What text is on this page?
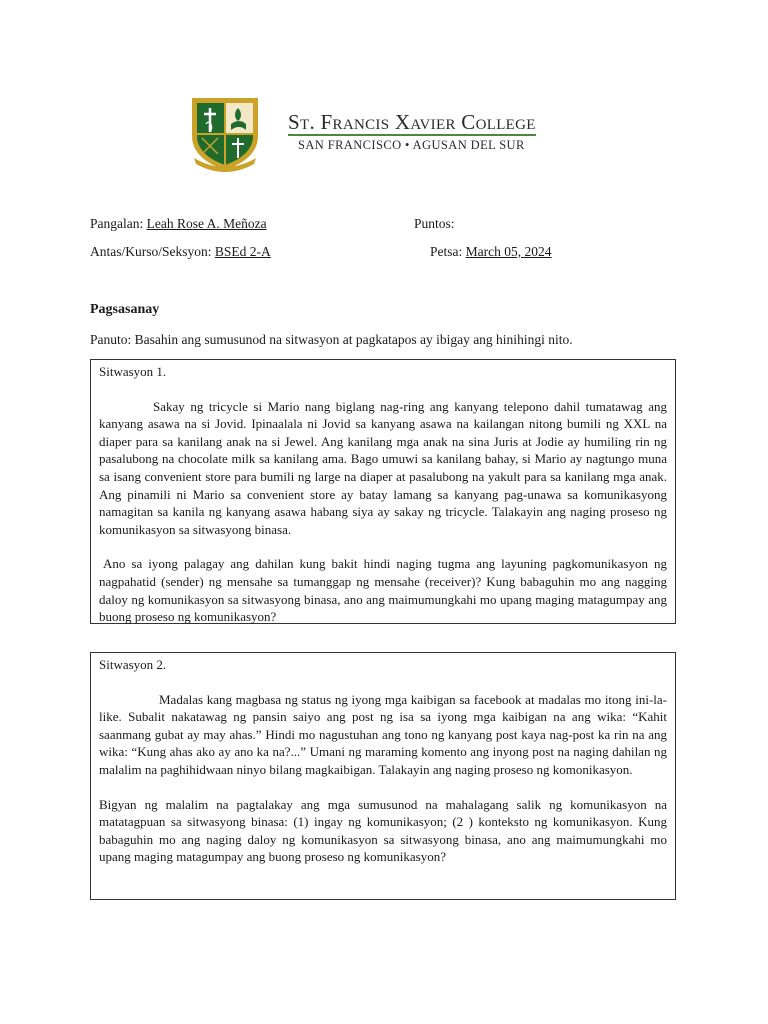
St. Francis Xavier College
SAN FRANCISCO • AGUSAN DEL SUR
Pangalan: Leah Rose A. Meñoza	Puntos:
Antas/Kurso/Seksyon: BSEd 2-A	Petsa: March 05, 2024
Pagsasanay
Panuto: Basahin ang sumusunod na sitwasyon at pagkatapos ay ibigay ang hinihingi nito.
Sitwasyon 1.

Sakay ng tricycle si Mario nang biglang nag-ring ang kanyang telepono dahil tumatawag ang kanyang asawa na si Jovid. Ipinaalala ni Jovid sa kanyang asawa na kailangan nitong bumili ng XXL na diaper para sa kanilang anak na si Jewel. Ang kanilang mga anak na sina Juris at Jodie ay humiling rin ng pasalubong na chocolate milk sa kanilang ama. Bago umuwi sa kanilang bahay, si Mario ay nagtungo muna sa isang convenient store para bumili ng large na diaper at pasalubong na yakult para sa kanilang mga anak. Ang pinamili ni Mario sa convenient store ay batay lamang sa kanyang pag-unawa sa komunikasyong namagitan sa kanila ng kanyang asawa habang siya ay sakay ng tricycle. Talakayin ang naging proseso ng komunikasyon sa sitwasyong binasa.

Ano sa iyong palagay ang dahilan kung bakit hindi naging tugma ang layuning pagkomunikasyon ng nagpahatid (sender) ng mensahe sa tumanggap ng mensahe (receiver)? Kung babaguhin mo ang nagging daloy ng komunikasyon sa sitwasyong binasa, ano ang maimumungkahi mo upang maging matagumpay ang buong proseso ng komunikasyon?

Sitwasyon 2.

Madalas kang magbasa ng status ng iyong mga kaibigan sa facebook at madalas mo itong ini-la-like. Subalit nakatawag ng pansin saiyo ang post ng isa sa iyong mga kaibigan na ang wika: “Kahit saanmang gubat ay may ahas.” Hindi mo nagustuhan ang tono ng kanyang post kaya nag-post ka rin na ang wika: “Kung ahas ako ay ano ka na?...” Umani ng maraming komento ang inyong post na naging dahilan ng malalim na paghihidwaan ninyo bilang magkaibigan. Talakayin ang naging proseso ng komonikasyon.

Bigyan ng malalim na pagtalakay ang mga sumusunod na mahalagang salik ng komunikasyon na matatagpuan sa sitwasyong binasa: (1) ingay ng komunikasyon; (2 ) konteksto ng komunikasyon. Kung babaguhin mo ang naging daloy ng komunikasyon sa sitwasyong binasa, ano ang maimumungkahi mo upang maging matagumpay ang buong proseso ng komunikasyon?
